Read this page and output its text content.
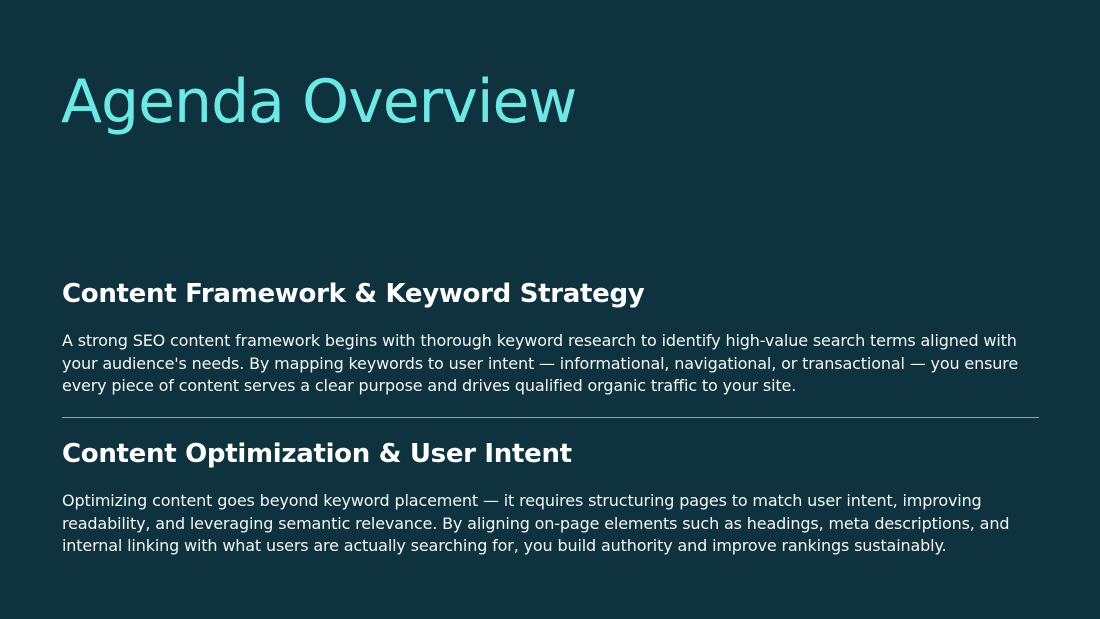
Agenda Overview
Content Framework & Keyword Strategy

A strong SEO content framework begins with thorough keyword research to identify high-value search terms aligned with your audience's needs. By mapping keywords to user intent — informational, navigational, or transactional — you ensure every piece of content serves a clear purpose and drives qualified organic traffic to your site.

Content Optimization & User Intent

Optimizing content goes beyond keyword placement — it requires structuring pages to match user intent, improving readability, and leveraging semantic relevance. By aligning on-page elements such as headings, meta descriptions, and internal linking with what users are actually searching for, you build authority and improve rankings sustainably.
